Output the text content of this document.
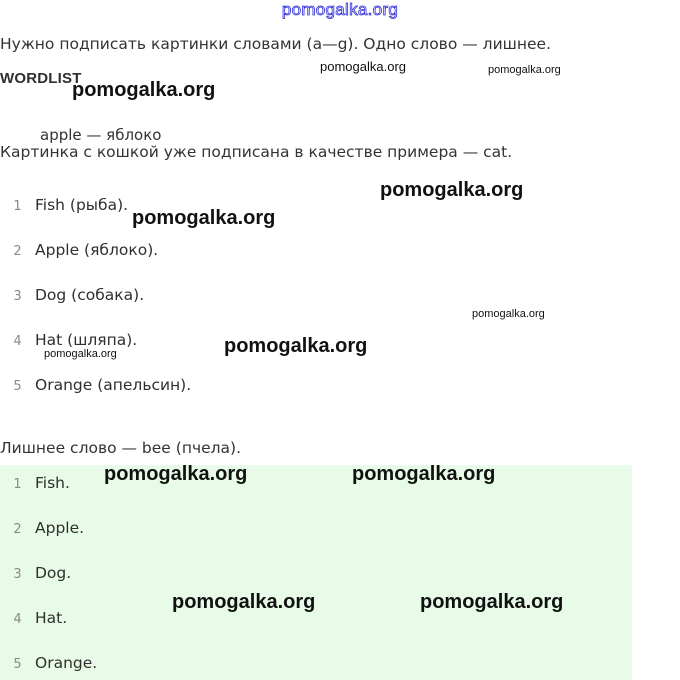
pomogalka.org
Нужно подписать картинки словами (a—g). Одно слово — лишнее.
WORDLIST
apple — яблоко
Картинка с кошкой уже подписана в качестве примера — cat.
1 Fish (рыба).
2 Apple (яблоко).
3 Dog (собака).
4 Hat (шляпа).
5 Orange (апельсин).
Лишнее слово — bee (пчела).
1 Fish.
2 Apple.
3 Dog.
4 Hat.
5 Orange.
pomogalka.org	pomogalka.org
pomogalka.org
pomogalka.org
pomogalka.org
pomogalka.org
pomogalka.org
pomogalka.org
pomogalka.org	pomogalka.org
pomogalka.org	pomogalka.org
